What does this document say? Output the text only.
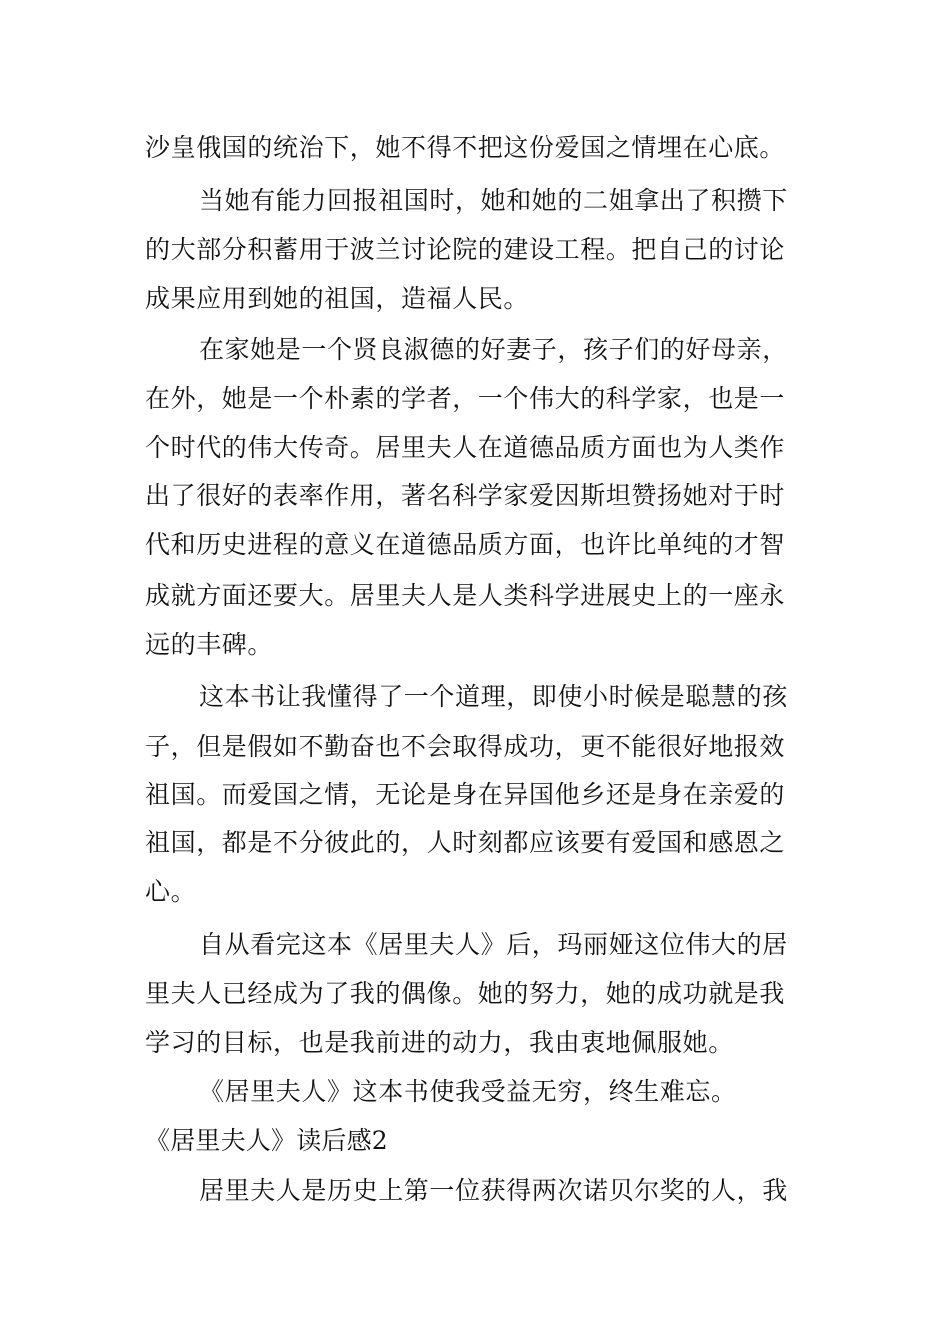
沙皇俄国的统治下，她不得不把这份爱国之情埋在心底。
当她有能力回报祖国时，她和她的二姐拿出了积攒下
的大部分积蓄用于波兰讨论院的建设工程。把自己的讨论
成果应用到她的祖国，造福人民。
在家她是一个贤良淑德的好妻子，孩子们的好母亲，
在外，她是一个朴素的学者，一个伟大的科学家，也是一
个时代的伟大传奇。居里夫人在道德品质方面也为人类作
出了很好的表率作用，著名科学家爱因斯坦赞扬她对于时
代和历史进程的意义在道德品质方面，也许比单纯的才智
成就方面还要大。居里夫人是人类科学进展史上的一座永
远的丰碑。
这本书让我懂得了一个道理，即使小时候是聪慧的孩
子，但是假如不勤奋也不会取得成功，更不能很好地报效
祖国。而爱国之情，无论是身在异国他乡还是身在亲爱的
祖国，都是不分彼此的，人时刻都应该要有爱国和感恩之
心。
自从看完这本《居里夫人》后，玛丽娅这位伟大的居
里夫人已经成为了我的偶像。她的努力，她的成功就是我
学习的目标，也是我前进的动力，我由衷地佩服她。
《居里夫人》这本书使我受益无穷，终生难忘。
《居里夫人》读后感2
居里夫人是历史上第一位获得两次诺贝尔奖的人，我
